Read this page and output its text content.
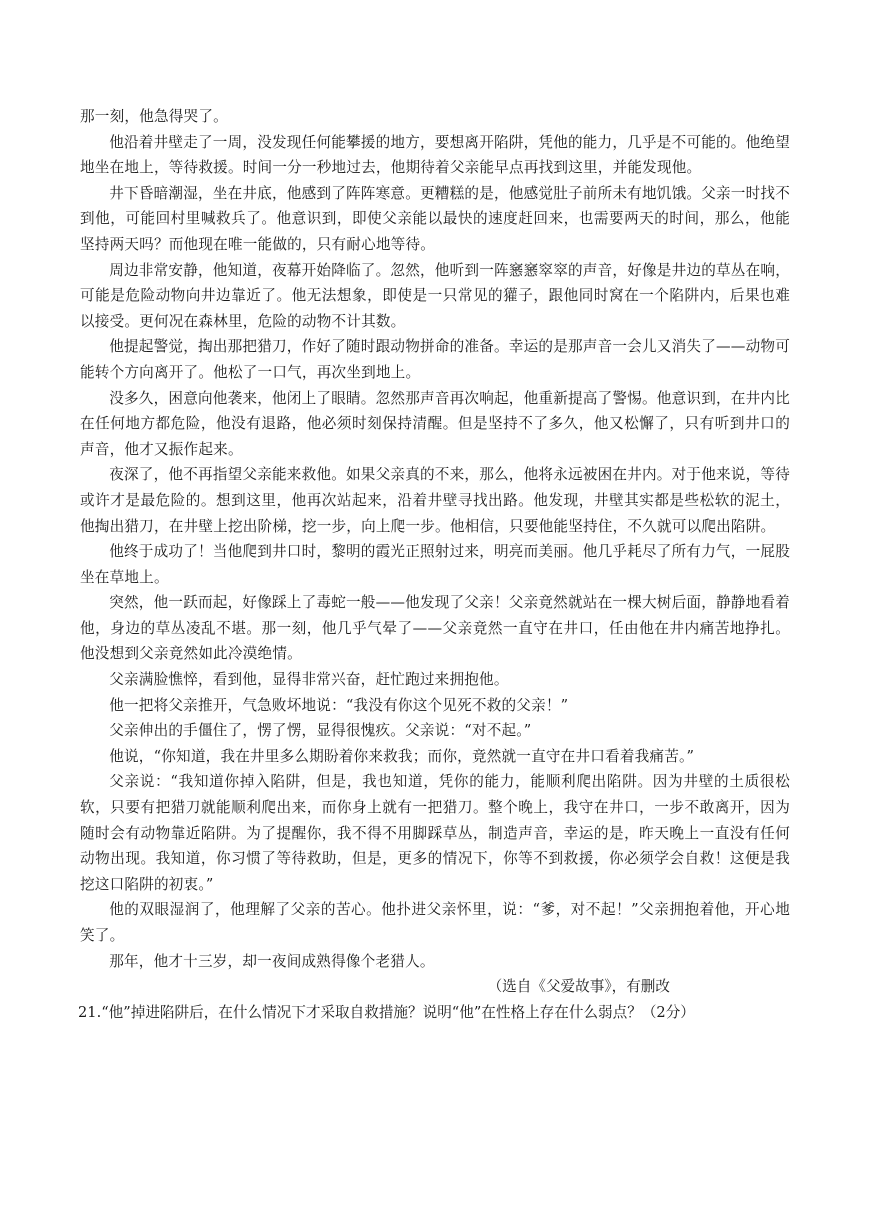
那一刻，他急得哭了。

他沿着井壁走了一周，没发现任何能攀援的地方，要想离开陷阱，凭他的能力，几乎是不可能的。他绝望地坐在地上，等待救援。时间一分一秒地过去，他期待着父亲能早点再找到这里，并能发现他。

井下昏暗潮湿，坐在井底，他感到了阵阵寒意。更糟糕的是，他感觉肚子前所未有地饥饿。父亲一时找不到他，可能回村里喊救兵了。他意识到，即使父亲能以最快的速度赶回来，也需要两天的时间，那么，他能坚持两天吗？而他现在唯一能做的，只有耐心地等待。

周边非常安静，他知道，夜幕开始降临了。忽然，他听到一阵窸窸窣窣的声音，好像是井边的草丛在响，可能是危险动物向井边靠近了。他无法想象，即使是一只常见的獾子，跟他同时窝在一个陷阱内，后果也难以接受。更何况在森林里，危险的动物不计其数。

他提起警觉，掏出那把猎刀，作好了随时跟动物拼命的准备。幸运的是那声音一会儿又消失了——动物可能转个方向离开了。他松了一口气，再次坐到地上。

没多久，困意向他袭来，他闭上了眼睛。忽然那声音再次响起，他重新提高了警惕。他意识到，在井内比在任何地方都危险，他没有退路，他必须时刻保持清醒。但是坚持不了多久，他又松懈了，只有听到井口的声音，他才又振作起来。

夜深了，他不再指望父亲能来救他。如果父亲真的不来，那么，他将永远被困在井内。对于他来说，等待或许才是最危险的。想到这里，他再次站起来，沿着井壁寻找出路。他发现，井壁其实都是些松软的泥土，他掏出猎刀，在井壁上挖出阶梯，挖一步，向上爬一步。他相信，只要他能坚持住，不久就可以爬出陷阱。

他终于成功了！当他爬到井口时，黎明的霞光正照射过来，明亮而美丽。他几乎耗尽了所有力气，一屁股坐在草地上。

突然，他一跃而起，好像踩上了毒蛇一般——他发现了父亲！父亲竟然就站在一棵大树后面，静静地看着他，身边的草丛凌乱不堪。那一刻，他几乎气晕了——父亲竟然一直守在井口，任由他在井内痛苦地挣扎。他没想到父亲竟然如此冷漠绝情。

父亲满脸憔悴，看到他，显得非常兴奋，赶忙跑过来拥抱他。

他一把将父亲推开，气急败坏地说：“我没有你这个见死不救的父亲！”

父亲伸出的手僵住了，愣了愣，显得很愧疚。父亲说：“对不起。”

他说，“你知道，我在井里多么期盼着你来救我；而你，竟然就一直守在井口看着我痛苦。”

父亲说：“我知道你掉入陷阱，但是，我也知道，凭你的能力，能顺利爬出陷阱。因为井壁的土质很松软，只要有把猎刀就能顺利爬出来，而你身上就有一把猎刀。整个晚上，我守在井口，一步不敢离开，因为随时会有动物靠近陷阱。为了提醒你，我不得不用脚踩草丛，制造声音，幸运的是，昨天晚上一直没有任何动物出现。我知道，你习惯了等待救助，但是，更多的情况下，你等不到救援，你必须学会自救！这便是我挖这口陷阱的初衷。”

他的双眼湿润了，他理解了父亲的苦心。他扑进父亲怀里，说：“爹，对不起！”父亲拥抱着他，开心地笑了。

那年，他才十三岁，却一夜间成熟得像个老猎人。

（选自《父爱故事》，有删改

21.“他”掉进陷阱后，在什么情况下才采取自救措施？说明“他”在性格上存在什么弱点？（2分）
